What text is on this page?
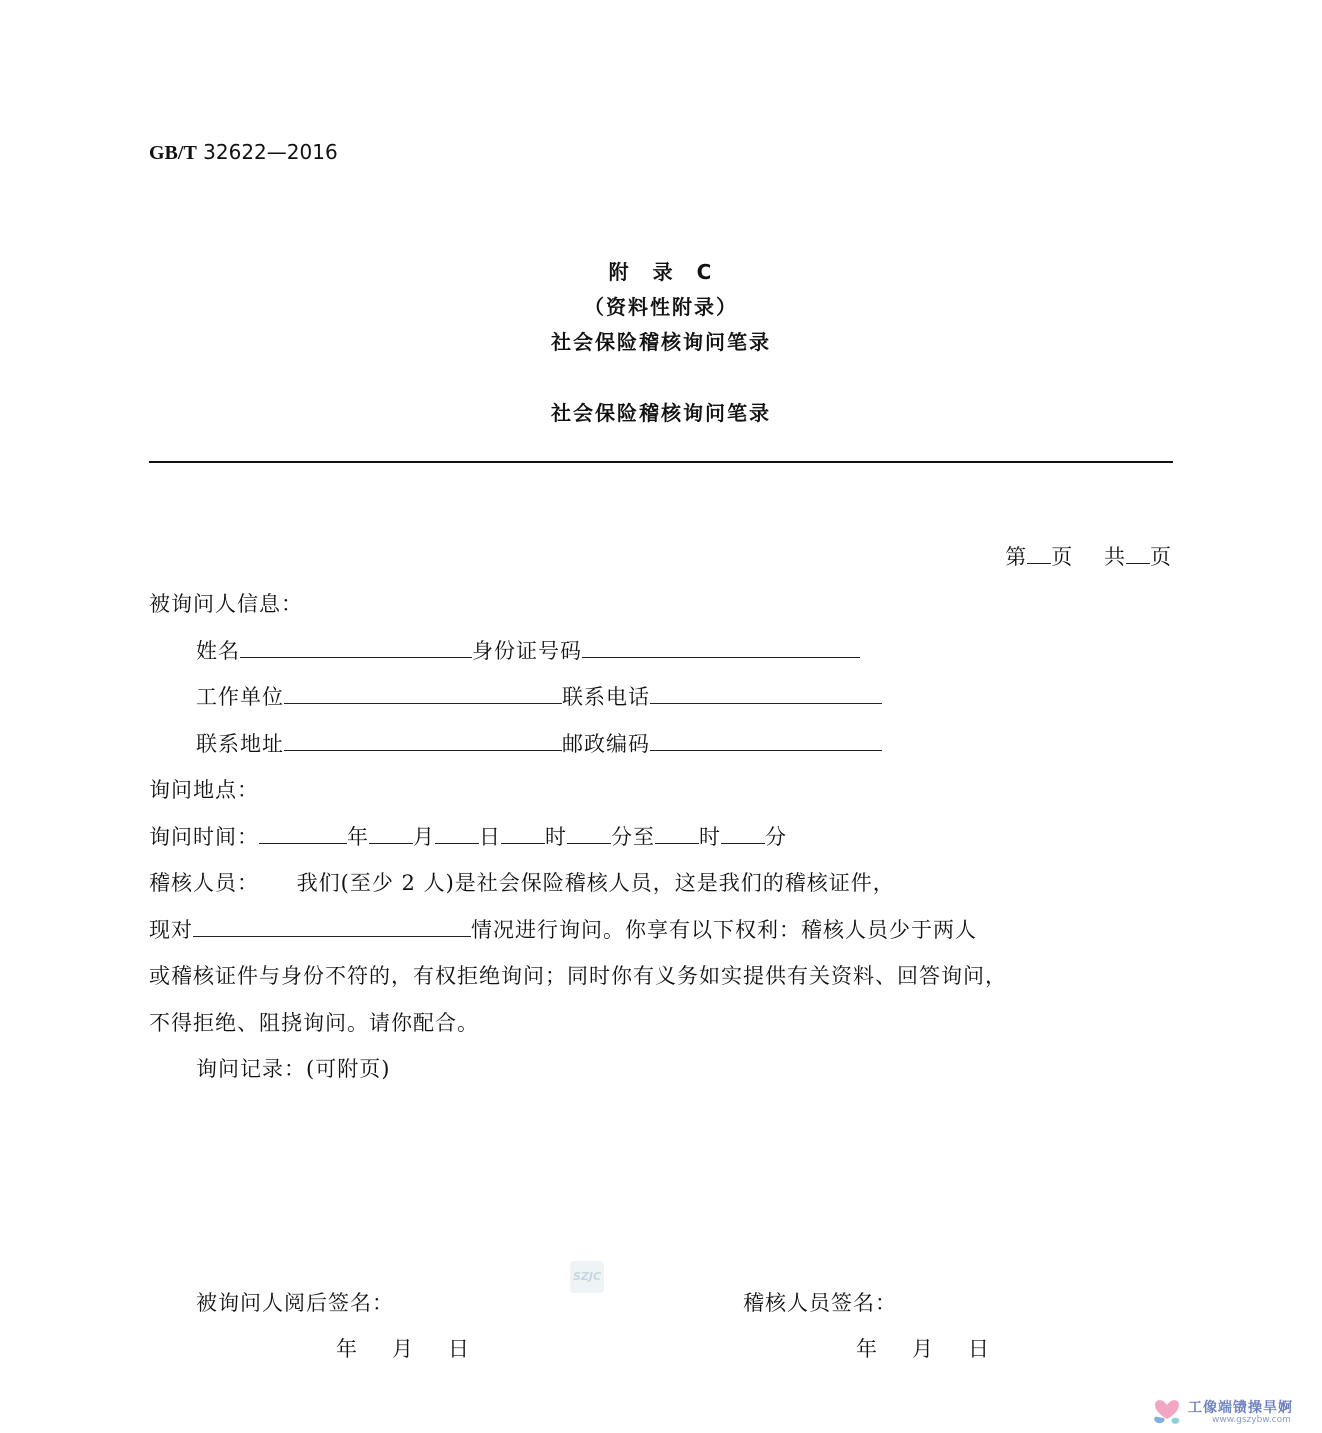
GB/T 32622—2016
附　录　C
（资料性附录）
社会保险稽核询问笔录
社会保险稽核询问笔录
第 页 共 页
被询问人信息：
姓名	身份证号码
工作单位	联系电话
联系地址	邮政编码
询问地点：
询问时间：	年 月 日 时 分至 时 分
稽核人员： 我们(至少 2 人)是社会保险稽核人员，这是我们的稽核证件，
现对	情况进行询问。你享有以下权利：稽核人员少于两人
或稽核证件与身份不符的，有权拒绝询问；同时你有义务如实提供有关资料、回答询问，
不得拒绝、阻挠询问。请你配合。
询问记录：(可附页)
SZJC
被询问人阅后签名：	稽核人员签名：
年 月 日	年 月 日
工像端镄操旱婀
www.gszybw.com
